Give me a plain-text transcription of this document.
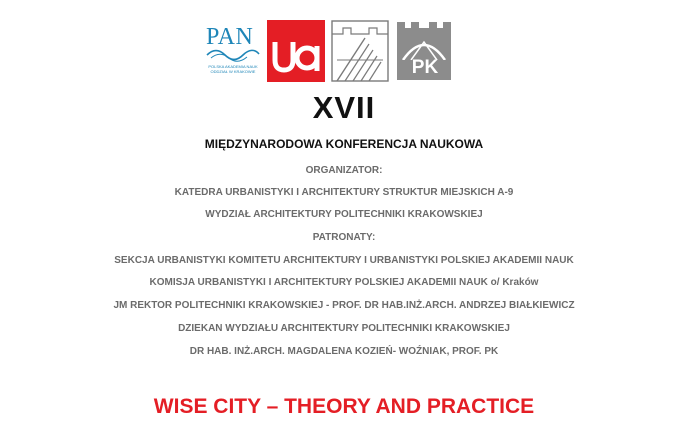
PAN
POLSKA AKADEMIA NAUK
ODDZIAŁ W KRAKOWIE	PK
XVII
MIĘDZYNARODOWA KONFERENCJA NAUKOWA
ORGANIZATOR:
KATEDRA URBANISTYKI I ARCHITEKTURY STRUKTUR MIEJSKICH A-9
WYDZIAŁ ARCHITEKTURY POLITECHNIKI KRAKOWSKIEJ
PATRONATY:
SEKCJA URBANISTYKI KOMITETU ARCHITEKTURY I URBANISTYKI POLSKIEJ AKADEMII NAUK
KOMISJA URBANISTYKI I ARCHITEKTURY POLSKIEJ AKADEMII NAUK o/ Kraków
JM REKTOR POLITECHNIKI KRAKOWSKIEJ - PROF. DR HAB.INŻ.ARCH. ANDRZEJ BIAŁKIEWICZ
DZIEKAN WYDZIAŁU ARCHITEKTURY POLITECHNIKI KRAKOWSKIEJ
DR HAB. INŻ.ARCH. MAGDALENA KOZIEŃ- WOŹNIAK, PROF. PK
WISE CITY – THEORY AND PRACTICE
